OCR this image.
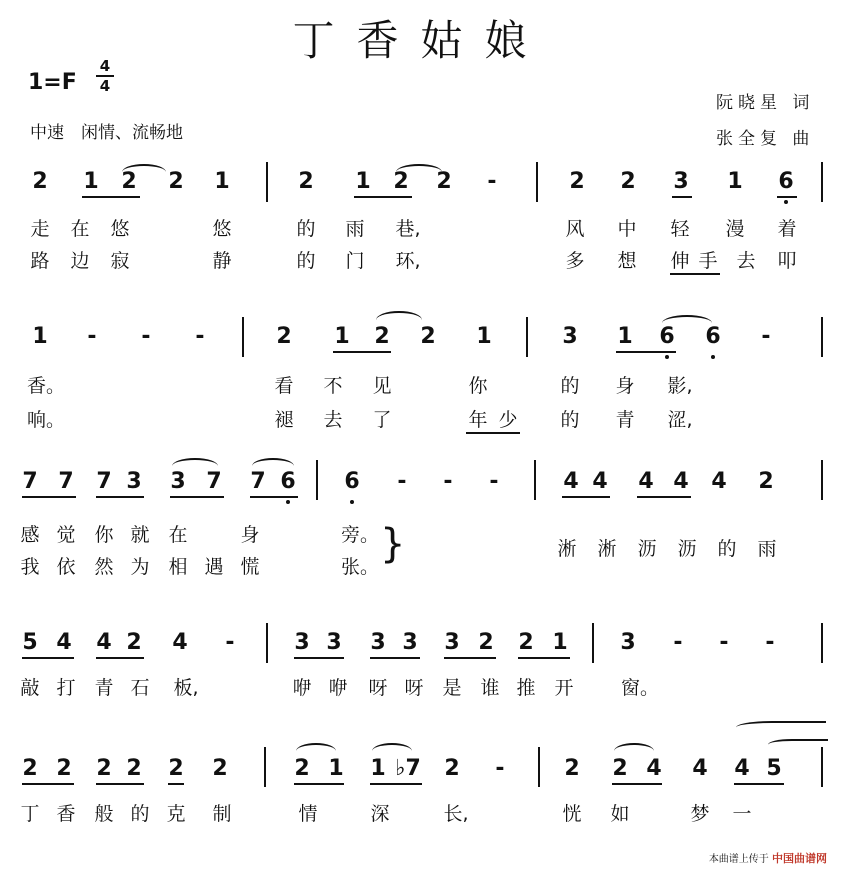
丁香姑娘
1=F
4
4
中速　闲情、流畅地
阮晓星 词
张全复 曲
2 1 2 2 1	2 1 2 2 -	2 2 3 1 6
走 在 悠	悠	的 雨 巷,	风 中 轻 漫 着
路 边 寂	静	的 门 环,	多 想 伸 手 去 叩
1 - - -	2 1 2 2 1	3 1 6 6 -
香。	看 不 见	你	的 身 影,
响。	褪 去 了	年 少 的 青 涩,
7 7 7 3 3 7 7 6 6 - - -	4 4 4 4 4 2
感 觉 你 就 在	身	旁。
我 依 然 为 相 遇 慌	张。 }	淅 淅 沥 沥 的 雨
5 4 4 2 4 -	3 3 3 3 3 2 2 1 3 - - -
敲 打 青 石 板,	咿 咿 呀 呀 是 谁 推 开 窗。
2 2 2 2 2 2	2 1 1 ♭7 2 -	2 2 4 4 4 5
丁 香 般 的 克 制	情	深	长,	恍 如	梦 一
本曲谱上传于 中国曲谱网
